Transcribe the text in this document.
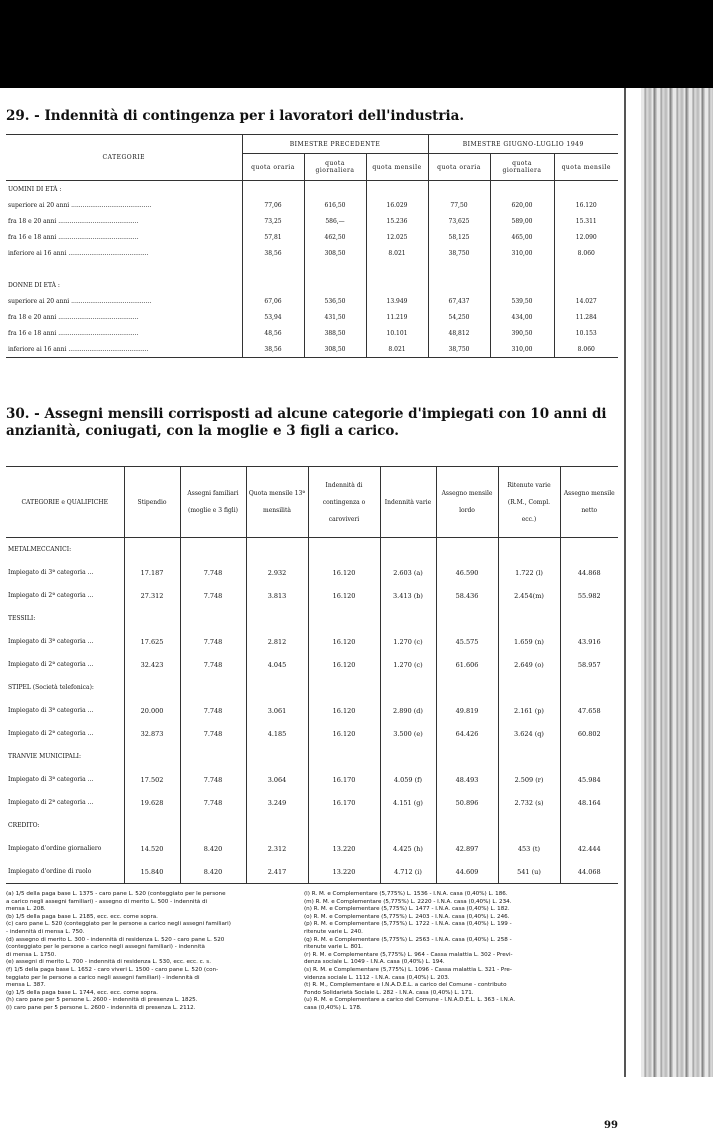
29. - Indennità di contingenza per i lavoratori dell'industria.
CATEGORIE	BIMESTRE PRECEDENTE			BIMESTRE GIUGNO-LUGLIO 1949		
	quota oraria	quota giornaliera	quota mensile	quota oraria	quota giornaliera	quota mensile
UOMINI DI ETÀ :						
superiore ai 20 anni ..........................................	77,06	616,50	16.029	77,50	620,00	16.120
fra 18 e 20 anni ..........................................	73,25	586,—	15.236	73,625	589,00	15.311
fra 16 e 18 anni ..........................................	57,81	462,50	12.025	58,125	465,00	12.090
inferiore ai 16 anni ..........................................	38,56	308,50	8.021	38,750	310,00	8.060

DONNE DI ETÀ :						
superiore ai 20 anni ..........................................	67,06	536,50	13.949	67,437	539,50	14.027
fra 18 e 20 anni ..........................................	53,94	431,50	11.219	54,250	434,00	11.284
fra 16 e 18 anni ..........................................	48,56	388,50	10.101	48,812	390,50	10.153
inferiore ai 16 anni ..........................................	38,56	308,50	8.021	38,750	310,00	8.060
30. - Assegni mensili corrisposti ad alcune categorie d'impiegati con 10 anni di anzianità, coniugati, con la moglie e 3 figli a carico.
CATEGORIE e QUALIFICHE	Stipendio	Assegni familiari (moglie e 3 figli)	Quota mensile 13ª mensilità	Indennità di contingenza o caroviveri	Indennità varie	Assegno mensile lordo	Ritenute varie (R.M., Compl. ecc.)	Assegno mensile netto
METALMECCANICI:								
Impiegato di 3ª categoria ...	17.187	7.748	2.932	16.120	2.603 (a)	46.590	1.722 (l)	44.868
Impiegato di 2ª categoria ...	27.312	7.748	3.813	16.120	3.413 (b)	58.436	2.454(m)	55.982
TESSILI:								
Impiegato di 3ª categoria ...	17.625	7.748	2.812	16.120	1.270 (c)	45.575	1.659 (n)	43.916
Impiegato di 2ª categoria ...	32.423	7.748	4.045	16.120	1.270 (c)	61.606	2.649 (o)	58.957
STIPEL (Società telefonica):								
Impiegato di 3ª categoria ...	20.000	7.748	3.061	16.120	2.890 (d)	49.819	2.161 (p)	47.658
Impiegato di 2ª categoria ...	32.873	7.748	4.185	16.120	3.500 (e)	64.426	3.624 (q)	60.802
TRANVIE MUNICIPALI:								
Impiegato di 3ª categoria ...	17.502	7.748	3.064	16.170	4.059 (f)	48.493	2.509 (r)	45.984
Impiegato di 2ª categoria ...	19.628	7.748	3.249	16.170	4.151 (g)	50.896	2.732 (s)	48.164
CREDITO:								
Impiegato d'ordine giornaliero	14.520	8.420	2.312	13.220	4.425 (h)	42.897	453 (t)	42.444
Impiegato d'ordine di ruolo	15.840	8.420	2.417	13.220	4.712 (i)	44.609	541 (u)	44.068
(a) 1/5 della paga base L. 1375 - caro pane L. 520 (conteggiato per le persone
a carico negli assegni familiari) - assegno di merito L. 500 - indennità di
mensa L. 208.
(b) 1/5 della paga base L. 2185, ecc. ecc. come sopra.
(c) caro pane L. 520 (conteggiato per le persone a carico negli assegni familiari)
- indennità di mensa L. 750.
(d) assegno di merito L. 300 - indennità di residenza L. 520 - caro pane L. 520
(conteggiato per le persone a carico negli assegni familiari) - indennità
di mensa L. 1750.
(e) assegni di merito L. 700 - indennità di residenza L. 530, ecc. ecc. c. s.
(f) 1/5 della paga base L. 1652 - caro viveri L. 1500 - caro pane L. 520 (con-
teggiato per le persone a carico negli assegni familiari) - indennità di
mensa L. 387.
(g) 1/5 della paga base L. 1744, ecc. ecc. come sopra.
(h) caro pane per 5 persone L. 2600 - indennità di presenza L. 1825.
(i) caro pane per 5 persone L. 2600 - indennità di presenza L. 2112.
(l) R. M. e Complementare (5,775%) L. 1536 - I.N.A. casa (0,40%) L. 186.
(m) R. M. e Complementare (5,775%) L. 2220 - I.N.A. casa (0,40%) L. 234.
(n) R. M. e Complementare (5,775%) L. 1477 - I.N.A. casa (0,40%) L. 182.
(o) R. M. e Complementare (5,775%) L. 2403 - I.N.A. casa (0,40%) L. 246.
(p) R. M. e Complementare (5,775%) L. 1722 - I.N.A. casa (0,40%) L. 199 -
ritenute varie L. 240.
(q) R. M. e Complementare (5,775%) L. 2563 - I.N.A. casa (0,40%) L. 258 -
ritenute varie L. 801.
(r) R. M. e Complementare (5,775%) L. 964 - Cassa malattia L. 302 - Previ-
denza sociale L. 1049 - I.N.A. casa (0,40%) L. 194.
(s) R. M. e Complementare (5,775%) L. 1096 - Cassa malattia L. 321 - Pre-
videnza sociale L. 1112 - I.N.A. casa (0,40%) L. 203.
(t) R. M., Complementare e I.N.A.D.E.L. a carico del Comune - contributo
Fondo Solidarietà Sociale L. 282 - I.N.A. casa (0,40%) L. 171.
(u) R. M. e Complementare a carico del Comune - I.N.A.D.E.L. L. 363 - I.N.A.
casa (0,40%) L. 178.
99
